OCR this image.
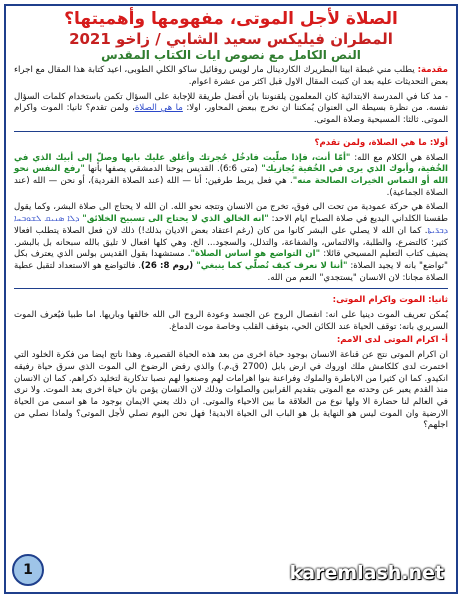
الصلاة لأجل الموتى، مفهومها وأهميتها؟
المطران فيليكس سعيد الشابي / زاخو 2021
النص الكامل مع نصوص ايات الكتاب المقدس

مقدمة: يطلب مني غبطة ابينا البطريرك الكاردينال مار لويس روفائيل ساكو الكلي الطوبى، اعيد كتابة هذا المقال مع اجراء بعض التحديثات عليه بعد ان كتبت المقال الاول قبل اكثر من عشرة اعوام.

- مذ كنا في المدرسة الابتدائية كان المعلمون يلقنوننا بان أفضل طريقة للإجابة على السؤال تكمن باستخدام كلمات السؤال نفسه. من نظرة بسيطة الى العنوان يُمكننا ان نخرج ببعض المحاور، اولا: ما هي الصلاة، ولمن تقدم؟ ثانيا: الموت واكرام الموتى. ثالثا: المسيحية وصلاة الموتى.

أولا: ما هي الصلاة، ولمن تقدم؟

الصلاة هي الكلام مع الله: "أمّا أنت، فإذا صلّيت فادخُل حُجرتك وأغلق عليك بابها وصلّ إلى أبيك الذي في الخُفية، وأبوك الذي يرى في الخُفية يُجازيك" (متى 6:6). القديس يوحنا الدمشقي يصفها بأنها "رفع النفس نحو الله أو التماس الخيرات الصالحة منه". هي فعل يربط طرفين: أنا — الله (عند الصلاة الفردية)، أو نحن — الله (عند الصلاة الجماعية).

الصلاة هي حركة عمودية من تحت الى فوق، تخرج من الانسان وتتجه نحو الله. ان الله لا يحتاج الى صلاة البشر، وكما يقول طقسنا الكلداني البديع في صلاة الصباح ايام الاحد: "انه الخالق الذي لا يحتاج الى تسبيح الخلائق" ܕܠܐ ܣܢܝܩ ܠܫܘܒܚܐ ܕܒܪ̈ܝܬܐ. كما ان الله لا يصلي على البشر كانوا من كان (رغم اعتقاد بعض الاديان بذلك!) ذلك لان فعل الصلاة يتطلب افعالا كثير: كالتضرع، والطلبة، والالتماس، والشفاعة، والتذلل، والسجود... الخ. وهي كلها افعال لا تليق بالله سبحانه بل بالبشر. يضيف كتاب التعليم المسيحي قائلا: "ان التواضع هو اساس الصلاة". مستشهدا بقول القديس بولس الذي يعترف بكل "تواضع" بانه لا يجيد الصلاة: "أننا لا نعرف كيف نُصلّي كما ينبغي" (روم 8: 26). فالتواضع هو الاستعداد لتقبل عطية الصلاة مجانا: لان الانسان "يستجدي" النعم من الله.

ثانيا: الموت واكرام الموتى:

يُمكن تعريف الموت دينيا على انه: انفصال الروح عن الجسد وعودة الروح الى الله خالقها وباريها. اما طبيا فيُعرف الموت السريري بانه: توقف الحياة عند الكائن الحي، بتوقف القلب وخاصة موت الدماغ.

أ- اكرام الموتى لدى الامم:

ان اكرام الموتى نتج عن قناعة الانسان بوجود حياة اخرى من بعد هذه الحياة القصيرة. وهذا ناتج ايضا من فكرة الخلود التي اختمرت لدى كلكامش ملك اوروك في ارض بابل (2700 ق.م.) والذي رفض الرضوخ الى الموت الذي سرق حياة رفيقه انكيدو. كما ان كثيرا من الاباطرة والملوك وفراعنة بنوا اهرامات لهم وصنعوا لهم نصبا تذكارية لتخليد ذكراهم. كما ان الانسان منذ القدم يعبر عن وحدته مع الموتى بتقديم القرابين والصلوات وذلك لان الانسان يؤمن بان حياة اخرى بعد الموت. ولا نرى في العالم لنا حضارة الا ولها نوع من العلاقة ما بين الاحياء والموتى. ان ذلك يعني الايمان بوجود ما هو اسمى من الحياة الارضية وان الموت ليس هو النهاية بل هو الباب الى الحياة الابدية! فهل نحن اليوم نصلي لأجل الموتى؟ ولماذا نصلي من اجلهم؟

1	karemlash.net
